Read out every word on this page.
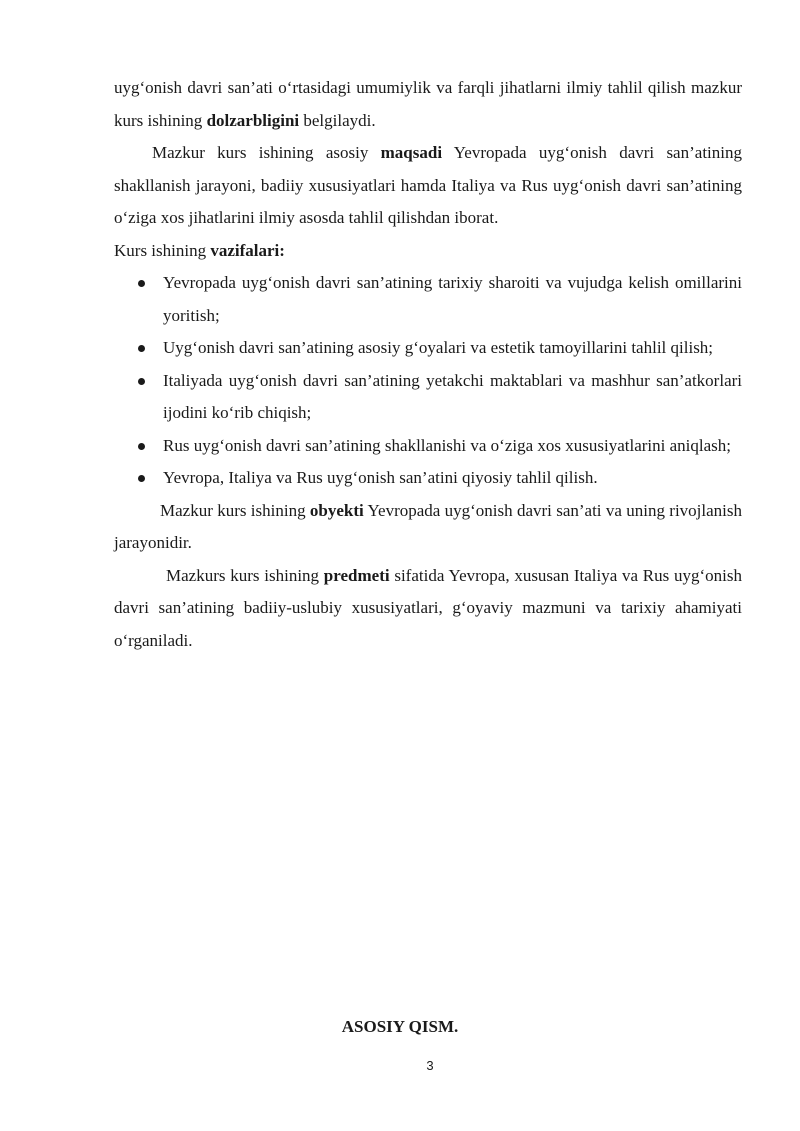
uyg‘onish davri san’ati o‘rtasidagi umumiylik va farqli jihatlarni ilmiy tahlil qilish mazkur kurs ishining dolzarbligini belgilaydi.

Mazkur kurs ishining asosiy maqsadi Yevropada uyg‘onish davri san’atining shakllanish jarayoni, badiiy xususiyatlari hamda Italiya va Rus uyg‘onish davri san’atining o‘ziga xos jihatlarini ilmiy asosda tahlil qilishdan iborat.

Kurs ishining vazifalari:

Yevropada uyg‘onish davri san’atining tarixiy sharoiti va vujudga kelish omillarini yoritish;
Uyg‘onish davri san’atining asosiy g‘oyalari va estetik tamoyillarini tahlil qilish;
Italiyada uyg‘onish davri san’atining yetakchi maktablari va mashhur san’atkorlari ijodini ko‘rib chiqish;
Rus uyg‘onish davri san’atining shakllanishi va o‘ziga xos xususiyatlarini aniqlash;
Yevropa, Italiya va Rus uyg‘onish san’atini qiyosiy tahlil qilish.

Mazkur kurs ishining obyekti Yevropada uyg‘onish davri san’ati va uning rivojlanish jarayonidir.

Mazkurs kurs ishining predmeti sifatida Yevropa, xususan Italiya va Rus uyg‘onish davri san’atining badiiy-uslubiy xususiyatlari, g‘oyaviy mazmuni va tarixiy ahamiyati o‘rganiladi.

ASOSIY QISM.
3
